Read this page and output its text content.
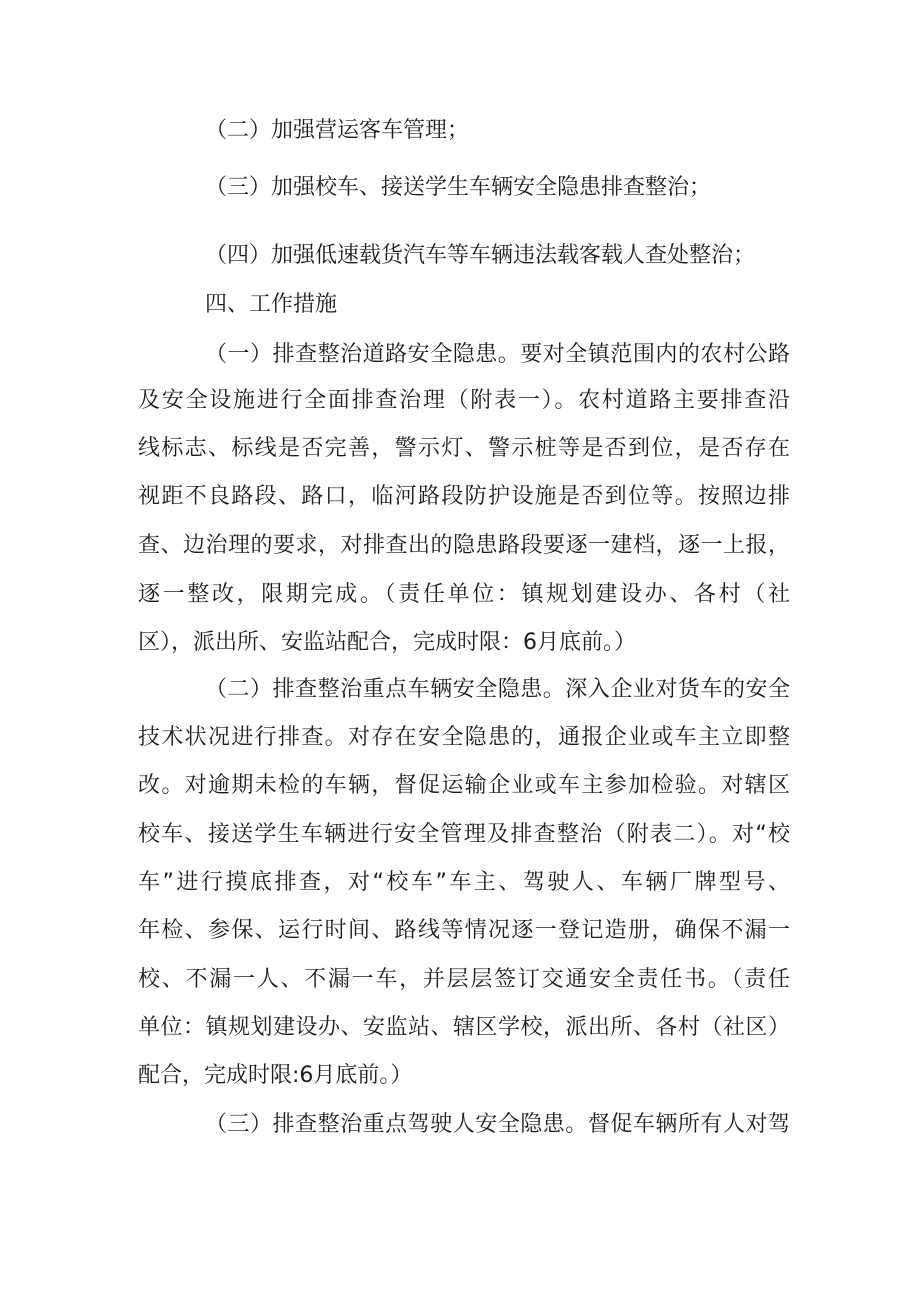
（二）加强营运客车管理；
（三）加强校车、接送学生车辆安全隐患排查整治；
（四）加强低速载货汽车等车辆违法载客载人查处整治；
四、工作措施
（一）排查整治道路安全隐患。要对全镇范围内的农村公路
及安全设施进行全面排查治理（附表一）。农村道路主要排查沿
线标志、标线是否完善，警示灯、警示桩等是否到位，是否存在
视距不良路段、路口，临河路段防护设施是否到位等。按照边排
查、边治理的要求，对排查出的隐患路段要逐一建档，逐一上报，
逐一整改，限期完成。（责任单位：镇规划建设办、各村（社
区），派出所、安监站配合，完成时限：6月底前。）
（二）排查整治重点车辆安全隐患。深入企业对货车的安全
技术状况进行排查。对存在安全隐患的，通报企业或车主立即整
改。对逾期未检的车辆，督促运输企业或车主参加检验。对辖区
校车、接送学生车辆进行安全管理及排查整治（附表二）。对“校
车”进行摸底排查，对“校车”车主、驾驶人、车辆厂牌型号、
年检、参保、运行时间、路线等情况逐一登记造册，确保不漏一
校、不漏一人、不漏一车，并层层签订交通安全责任书。（责任
单位：镇规划建设办、安监站、辖区学校，派出所、各村（社区）
配合，完成时限:6月底前。）
（三）排查整治重点驾驶人安全隐患。督促车辆所有人对驾
